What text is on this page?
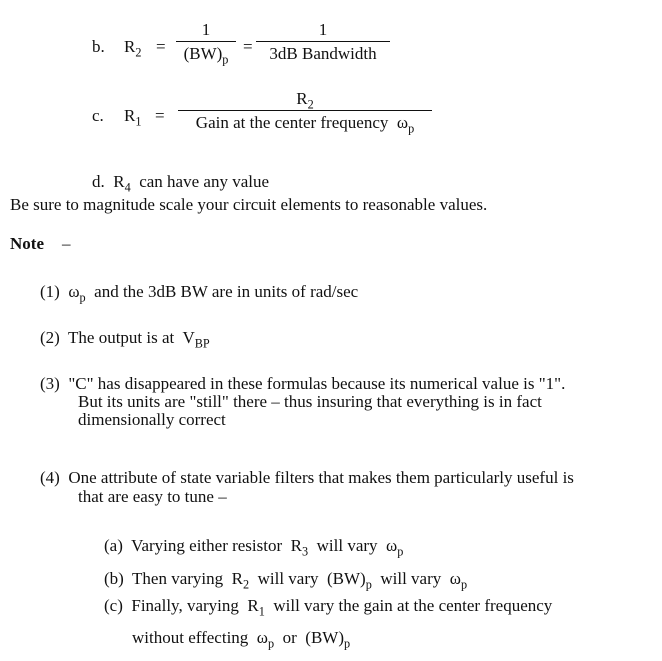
b. $R_2$ =
1
$(BW)_p$
=
1
3dB Bandwidth
c. $R_1$ =
$R_2$
Gain at the center frequency $\omega_p$
d. $R_4$ can have any value
Be sure to magnitude scale your circuit elements to reasonable values.
Note –
(1) $\omega_p$ and the 3dB BW are in units of rad/sec
(2) The output is at $V_{BP}$
(3) "C" has disappeared in these formulas because its numerical value is "1".
But its units are "still" there – thus insuring that everything is in fact
dimensionally correct
(4) One attribute of state variable filters that makes them particularly useful is
that are easy to tune –
(a) Varying either resistor $R_3$ will vary $\omega_p$
(b) Then varying $R_2$ will vary $(BW)_p$ will vary $\omega_p$
(c) Finally, varying $R_1$ will vary the gain at the center frequency
without effecting $\omega_p$ or $(BW)_p$
